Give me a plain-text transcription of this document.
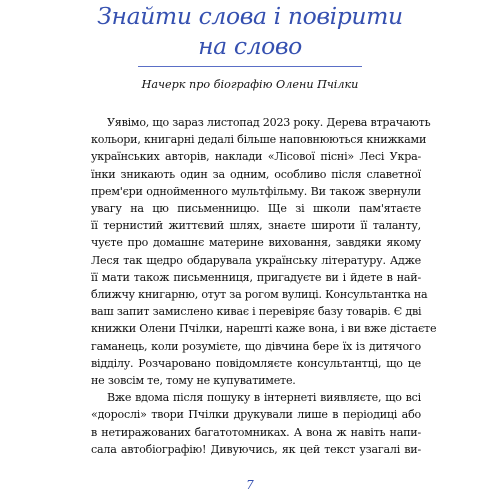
Знайти слова і повірити
на слово
Начерк про біографію Олени Пчілки
Уявімо, що зараз листопад 2023 року. Дерева втрачають
кольори, книгарні дедалі більше наповнюються книжками
українських авторів, наклади «Лісової пісні» Лесі Укра-
їнки зникають один за одним, особливо після славетної
прем'єри однойменного мультфільму. Ви також звернули
увагу на цю письменницю. Ще зі школи пам'ятаєте
її тернистий життєвий шлях, знаєте широти її таланту,
чуєте про домашнє материне виховання, завдяки якому
Леся так щедро обдарувала українську літературу. Адже
її мати також письменниця, пригадуєте ви і йдете в най-
ближчу книгарню, отут за рогом вулиці. Консультантка на
ваш запит замислено киває і перевіряє базу товарів. Є дві
книжки Олени Пчілки, нарешті каже вона, і ви вже дістаєте
гаманець, коли розумієте, що дівчина бере їх із дитячого
відділу. Розчаровано повідомляєте консультантці, що це
не зовсім те, тому не купуватимете.
Вже вдома після пошуку в інтернеті виявляєте, що всі
«дорослі» твори Пчілки друкували лише в періодиці або
в нетиражованих багатотомниках. А вона ж навіть напи-
сала автобіографію! Дивуючись, як цей текст узагалі ви-
7
